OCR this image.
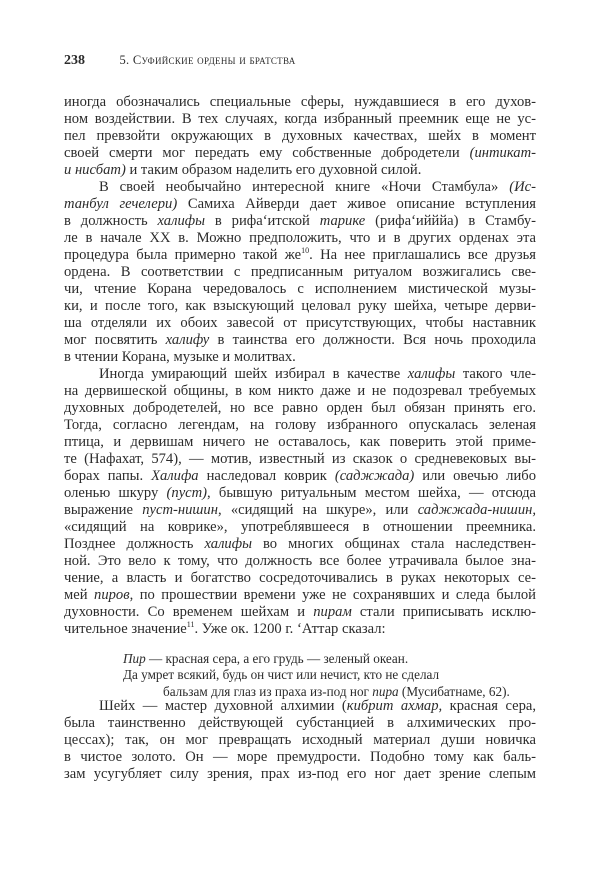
238	5. Суфийские ордены и братства
иногда обозначались специальные сферы, нуждавшиеся в его духов-
ном воздействии. В тех случаях, когда избранный преемник еще не ус-
пел превзойти окружающих в духовных качествах, шейх в момент
своей смерти мог передать ему собственные добродетели (интикат-
и нисбат) и таким образом наделить его духовной силой.
В своей необычайно интересной книге «Ночи Стамбула» (Ис-
танбул гечелери) Самиха Айверди дает живое описание вступления
в должность халифы в рифа‘итской тарике (рифа‘ийййа) в Стамбу-
ле в начале XX в. Можно предположить, что и в других орденах эта
процедура была примерно такой $же^{10}$. На нее приглашались все друзья
ордена. В соответствии с предписанным ритуалом возжигались све-
чи, чтение Корана чередовалось с исполнением мистической музы-
ки, и после того, как взыскующий целовал руку шейха, четыре дерви-
ша отделяли их обоих завесой от присутствующих, чтобы наставник
мог посвятить халифу в таинства его должности. Вся ночь проходила
в чтении Корана, музыке и молитвах.
Иногда умирающий шейх избирал в качестве халифы такого чле-
на дервишеской общины, в ком никто даже и не подозревал требуемых
духовных добродетелей, но все равно орден был обязан принять его.
Тогда, согласно легендам, на голову избранного опускалась зеленая
птица, и дервишам ничего не оставалось, как поверить этой приме-
те (Нафахат, 574), — мотив, известный из сказок о средневековых вы-
борах папы. Халифа наследовал коврик (саджжада) или овечью либо
оленью шкуру (пуст), бывшую ритуальным местом шейха, — отсюда
выражение пуст-нишин, «сидящий на шкуре», или саджжада-нишин,
«сидящий на коврике», употреблявшееся в отношении преемника.
Позднее должность халифы во многих общинах стала наследствен-
ной. Это вело к тому, что должность все более утрачивала былое зна-
чение, а власть и богатство сосредоточивались в руках некоторых се-
мей пиров, по прошествии времени уже не сохранявших и следа былой
духовности. Со временем шейхам и пирам стали приписывать исклю-
чительное значение$^{11}$. Уже ок. 1200 г. ‘Аттар сказал:
Пир — красная сера, а его грудь — зеленый океан.
Да умрет всякий, будь он чист или нечист, кто не сделал
бальзам для глаз из праха из-под ног пира (Мусибатнаме, 62).
Шейх — мастер духовной алхимии (кибрит ахмар, красная сера,
была таинственно действующей субстанцией в алхимических про-
цессах); так, он мог превращать исходный материал души новичка
в чистое золото. Он — море премудрости. Подобно тому как баль-
зам усугубляет силу зрения, прах из-под его ног дает зрение слепым
